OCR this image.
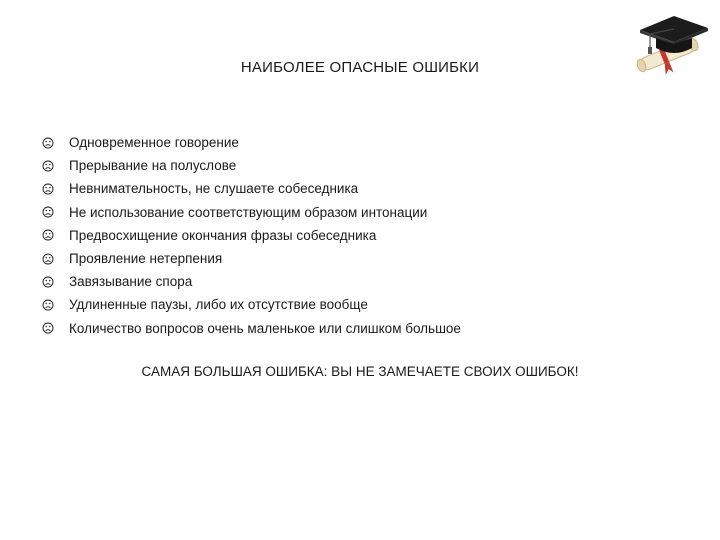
НАИБОЛЕЕ ОПАСНЫЕ ОШИБКИ
Одновременное говорение
Прерывание на полуслове
Невнимательность, не слушаете собеседника
Не использование соответствующим образом интонации
Предвосхищение окончания фразы собеседника
Проявление нетерпения
Завязывание спора
Удлиненные паузы, либо их отсутствие вообще
Количество вопросов очень маленькое или слишком большое
САМАЯ БОЛЬШАЯ ОШИБКА: ВЫ НЕ ЗАМЕЧАЕТЕ СВОИХ ОШИБОК!
